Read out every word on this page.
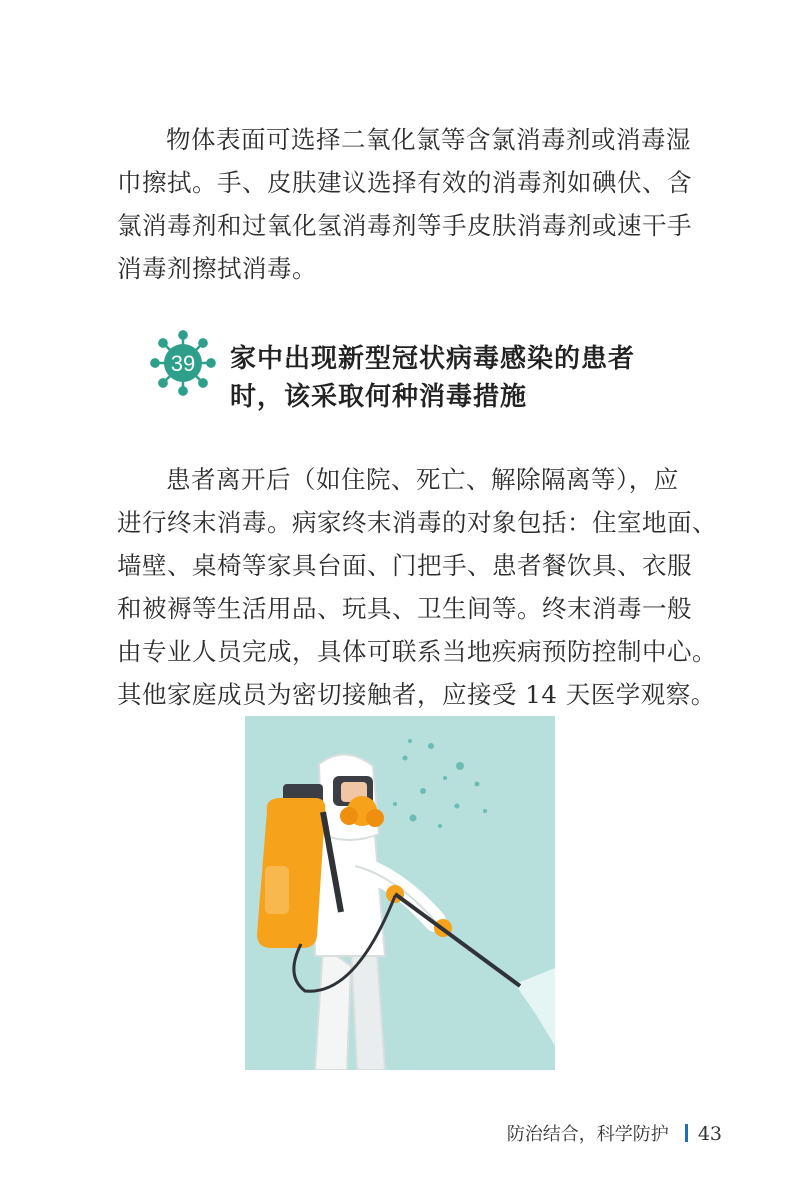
物体表面可选择二氧化氯等含氯消毒剂或消毒湿
巾擦拭。手、皮肤建议选择有效的消毒剂如碘伏、含
氯消毒剂和过氧化氢消毒剂等手皮肤消毒剂或速干手
消毒剂擦拭消毒。

39 家中出现新型冠状病毒感染的患者
时，该采取何种消毒措施

患者离开后（如住院、死亡、解除隔离等），应
进行终末消毒。病家终末消毒的对象包括：住室地面、
墙壁、桌椅等家具台面、门把手、患者餐饮具、衣服
和被褥等生活用品、玩具、卫生间等。终末消毒一般
由专业人员完成，具体可联系当地疾病预防控制中心。
其他家庭成员为密切接触者，应接受 14 天医学观察。

防治结合，科学防护 43
